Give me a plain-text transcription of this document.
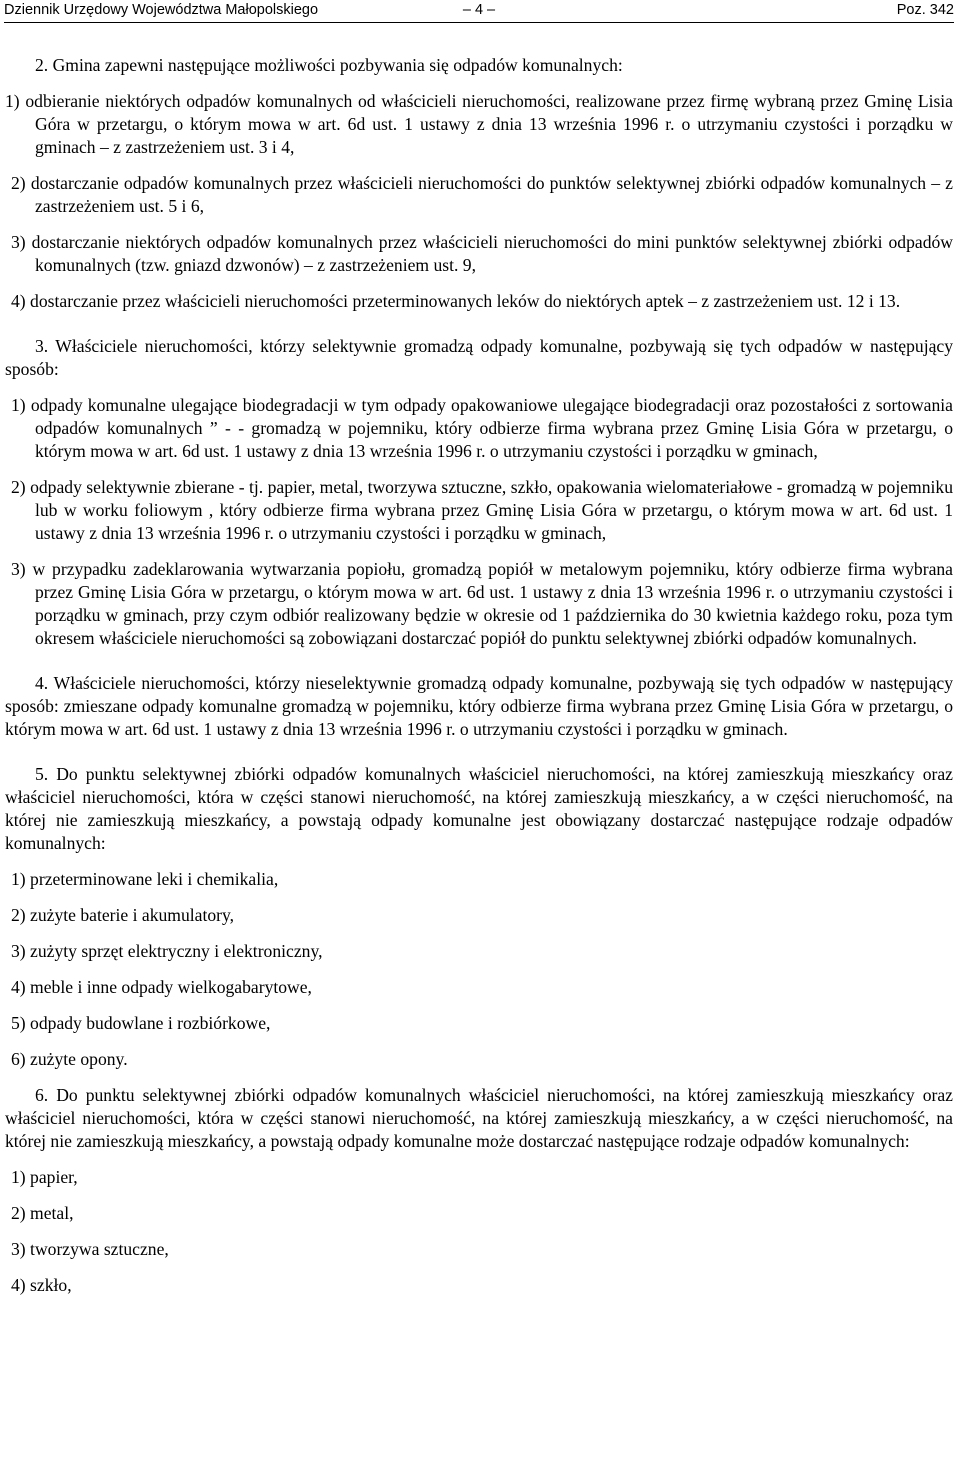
Dziennik Urzędowy Województwa Małopolskiego	– 4 –	Poz. 342

2. Gmina zapewni następujące możliwości pozbywania się odpadów komunalnych:

1) odbieranie niektórych odpadów komunalnych od właścicieli nieruchomości, realizowane przez firmę wybraną przez Gminę Lisia Góra w przetargu, o którym mowa w art. 6d ust. 1 ustawy z dnia 13 września 1996 r. o utrzymaniu czystości i porządku w gminach – z zastrzeżeniem ust. 3 i 4,

2) dostarczanie odpadów komunalnych przez właścicieli nieruchomości do punktów selektywnej zbiórki odpadów komunalnych – z zastrzeżeniem ust. 5 i 6,

3) dostarczanie niektórych odpadów komunalnych przez właścicieli nieruchomości do mini punktów selektywnej zbiórki odpadów komunalnych (tzw. gniazd dzwonów) – z zastrzeżeniem ust. 9,

4) dostarczanie przez właścicieli nieruchomości przeterminowanych leków do niektórych aptek – z zastrzeżeniem ust. 12 i 13.

3. Właściciele nieruchomości, którzy selektywnie gromadzą odpady komunalne, pozbywają się tych odpadów w następujący sposób:

1) odpady komunalne ulegające biodegradacji w tym odpady opakowaniowe ulegające biodegradacji oraz pozostałości z sortowania odpadów komunalnych ” - - gromadzą w pojemniku, który odbierze firma wybrana przez Gminę Lisia Góra w przetargu, o którym mowa w art. 6d ust. 1 ustawy z dnia 13 września 1996 r. o utrzymaniu czystości i porządku w gminach,

2) odpady selektywnie zbierane - tj. papier, metal, tworzywa sztuczne, szkło, opakowania wielomateriałowe - gromadzą w pojemniku lub w worku foliowym , który odbierze firma wybrana przez Gminę Lisia Góra w przetargu, o którym mowa w art. 6d ust. 1 ustawy z dnia 13 września 1996 r. o utrzymaniu czystości i porządku w gminach,

3) w przypadku zadeklarowania wytwarzania popiołu, gromadzą popiół w metalowym pojemniku, który odbierze firma wybrana przez Gminę Lisia Góra w przetargu, o którym mowa w art. 6d ust. 1 ustawy z dnia 13 września 1996 r. o utrzymaniu czystości i porządku w gminach, przy czym odbiór realizowany będzie w okresie od 1 października do 30 kwietnia każdego roku, poza tym okresem właściciele nieruchomości są zobowiązani dostarczać popiół do punktu selektywnej zbiórki odpadów komunalnych.

4. Właściciele nieruchomości, którzy nieselektywnie gromadzą odpady komunalne, pozbywają się tych odpadów w następujący sposób: zmieszane odpady komunalne gromadzą w pojemniku, który odbierze firma wybrana przez Gminę Lisia Góra w przetargu, o którym mowa w art. 6d ust. 1 ustawy z dnia 13 września 1996 r. o utrzymaniu czystości i porządku w gminach.

5. Do punktu selektywnej zbiórki odpadów komunalnych właściciel nieruchomości, na której zamieszkują mieszkańcy oraz właściciel nieruchomości, która w części stanowi nieruchomość, na której zamieszkują mieszkańcy, a w części nieruchomość, na której nie zamieszkują mieszkańcy, a powstają odpady komunalne jest obowiązany dostarczać następujące rodzaje odpadów komunalnych:

1) przeterminowane leki i chemikalia,

2) zużyte baterie i akumulatory,

3) zużyty sprzęt elektryczny i elektroniczny,

4) meble i inne odpady wielkogabarytowe,

5) odpady budowlane i rozbiórkowe,

6) zużyte opony.

6. Do punktu selektywnej zbiórki odpadów komunalnych właściciel nieruchomości, na której zamieszkują mieszkańcy oraz właściciel nieruchomości, która w części stanowi nieruchomość, na której zamieszkują mieszkańcy, a w części nieruchomość, na której nie zamieszkują mieszkańcy, a powstają odpady komunalne może dostarczać następujące rodzaje odpadów komunalnych:

1) papier,

2) metal,

3) tworzywa sztuczne,

4) szkło,
